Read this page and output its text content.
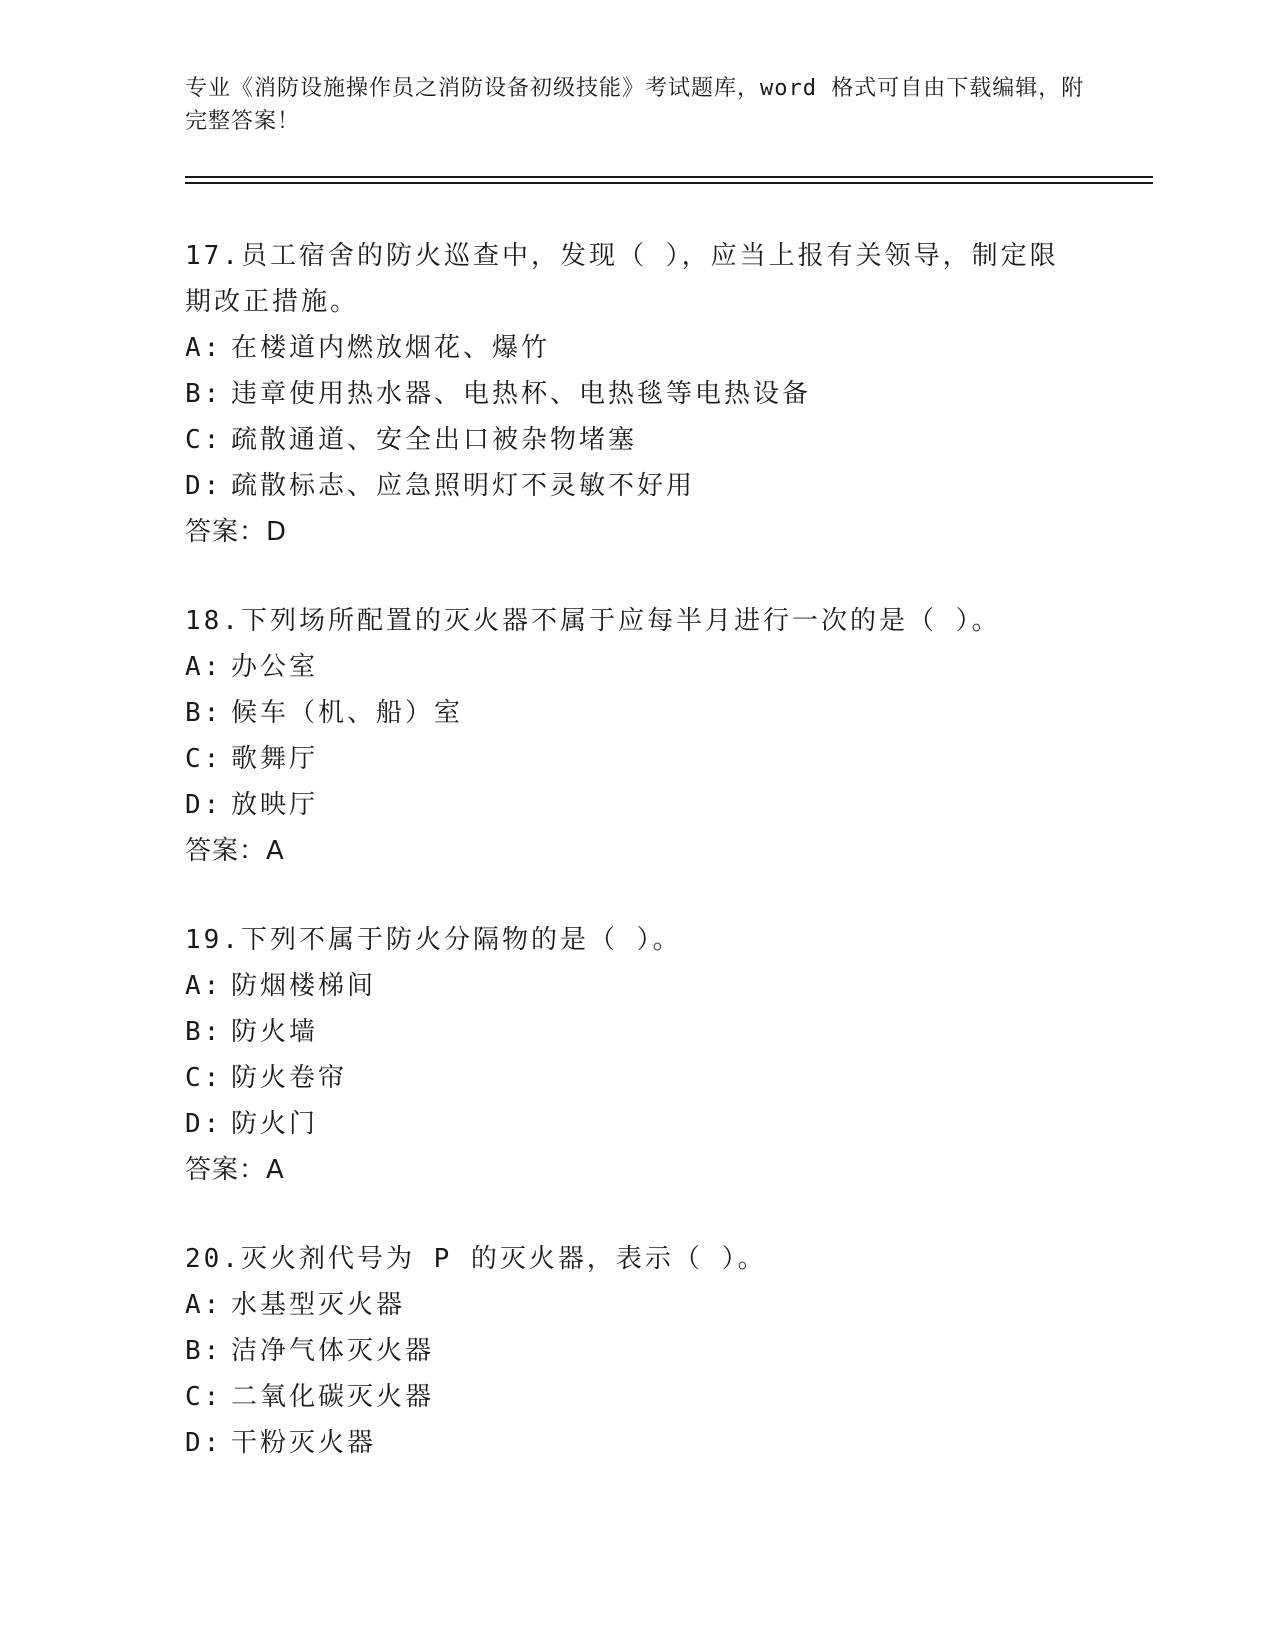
专业《消防设施操作员之消防设备初级技能》考试题库，word 格式可自由下载编辑，附完整答案！

17.员工宿舍的防火巡查中，发现（ ），应当上报有关领导，制定限期改正措施。

A: 在楼道内燃放烟花、爆竹
B: 违章使用热水器、电热杯、电热毯等电热设备
C: 疏散通道、安全出口被杂物堵塞
D: 疏散标志、应急照明灯不灵敏不好用
答案：D

18.下列场所配置的灭火器不属于应每半月进行一次的是（ ）。

A: 办公室
B: 候车（机、船）室
C: 歌舞厅
D: 放映厅
答案：A

19.下列不属于防火分隔物的是（ ）。

A: 防烟楼梯间
B: 防火墙
C: 防火卷帘
D: 防火门
答案：A

20.灭火剂代号为 P 的灭火器，表示（ ）。

A: 水基型灭火器
B: 洁净气体灭火器
C: 二氧化碳灭火器
D: 干粉灭火器
